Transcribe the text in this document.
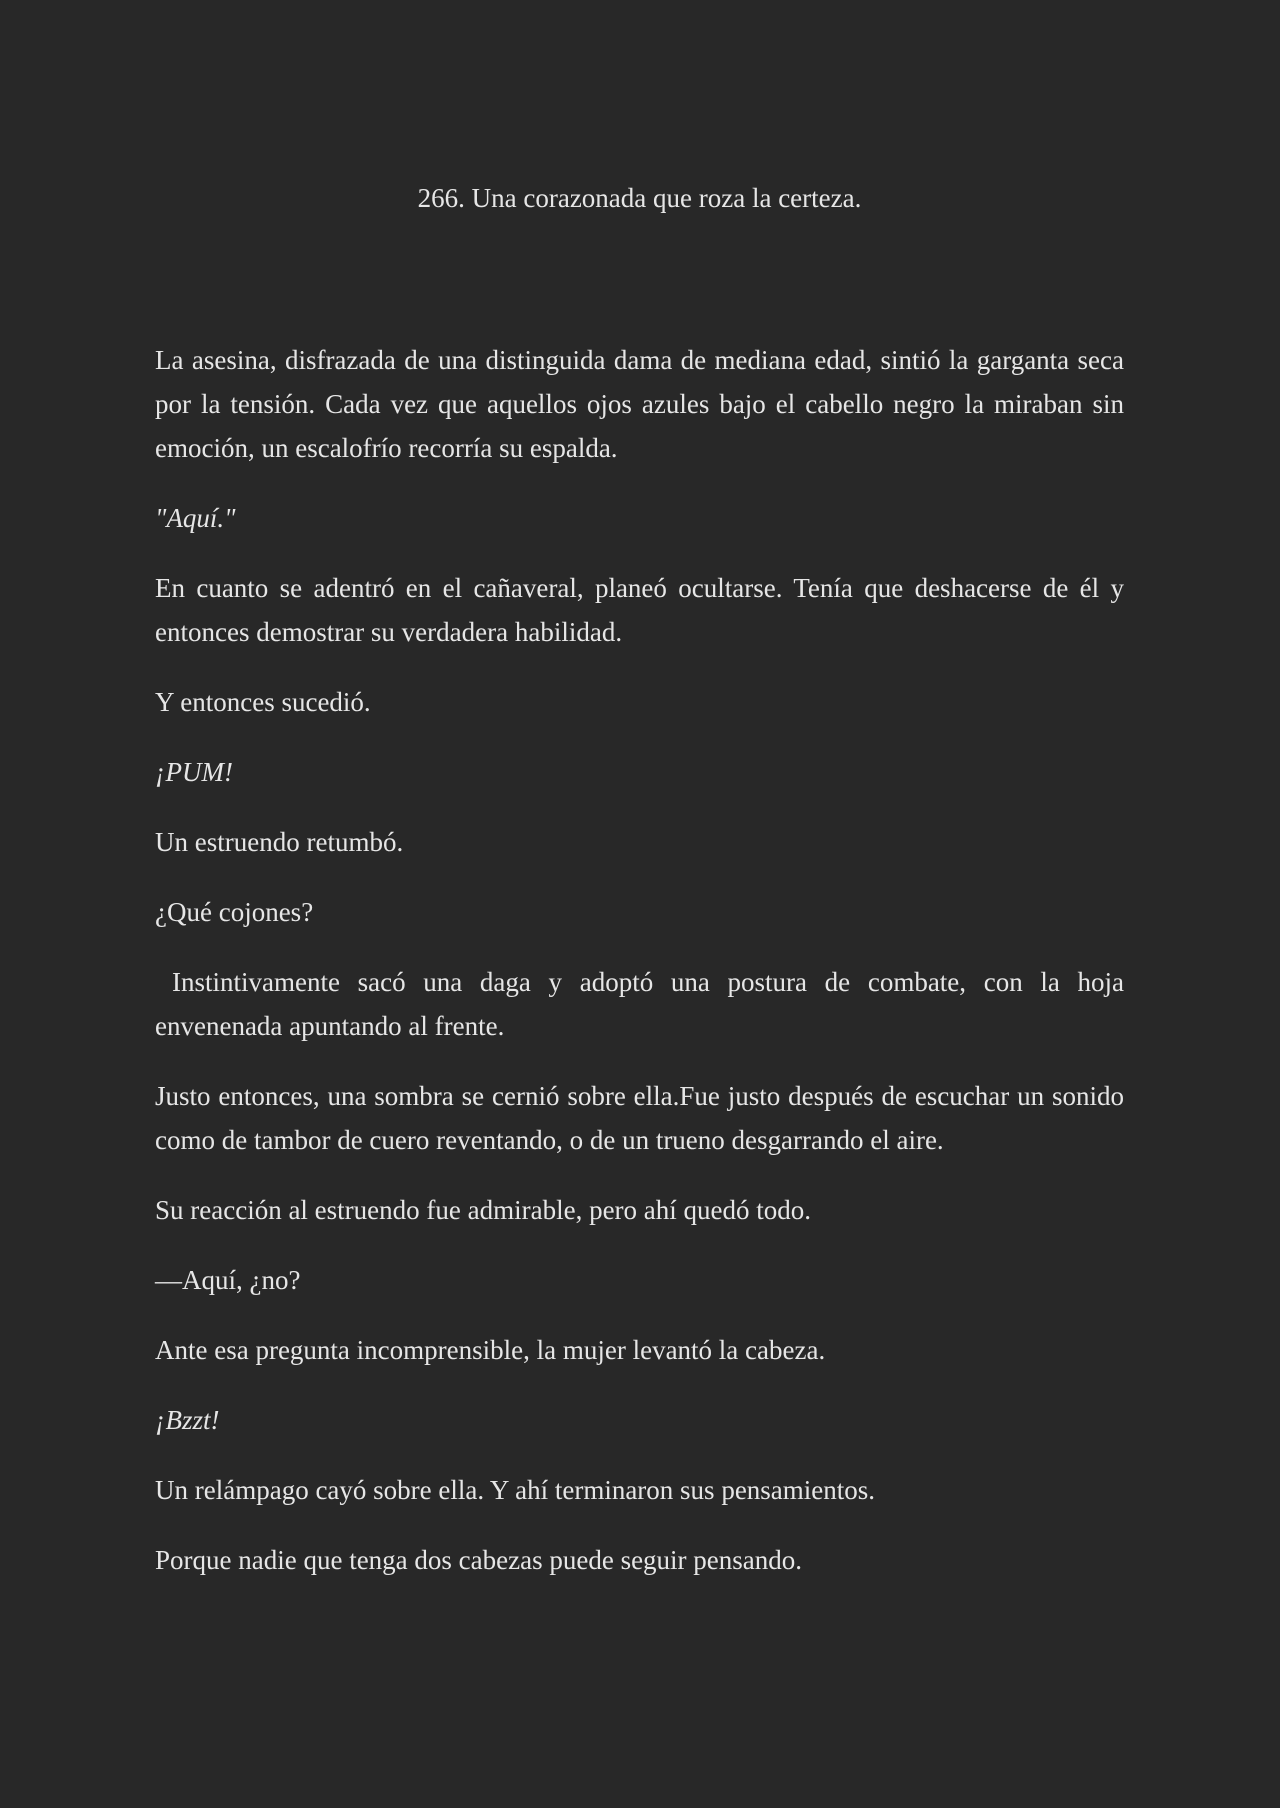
266. Una corazonada que roza la certeza.

La asesina, disfrazada de una distinguida dama de mediana edad, sintió la garganta seca por la tensión. Cada vez que aquellos ojos azules bajo el cabello negro la miraban sin emoción, un escalofrío recorría su espalda.

"Aquí."

En cuanto se adentró en el cañaveral, planeó ocultarse. Tenía que deshacerse de él y entonces demostrar su verdadera habilidad.

Y entonces sucedió.

¡PUM!

Un estruendo retumbó.

¿Qué cojones?

Instintivamente sacó una daga y adoptó una postura de combate, con la hoja envenenada apuntando al frente.

Justo entonces, una sombra se cernió sobre ella.Fue justo después de escuchar un sonido como de tambor de cuero reventando, o de un trueno desgarrando el aire.

Su reacción al estruendo fue admirable, pero ahí quedó todo.

—Aquí, ¿no?

Ante esa pregunta incomprensible, la mujer levantó la cabeza.

¡Bzzt!

Un relámpago cayó sobre ella. Y ahí terminaron sus pensamientos.

Porque nadie que tenga dos cabezas puede seguir pensando.
